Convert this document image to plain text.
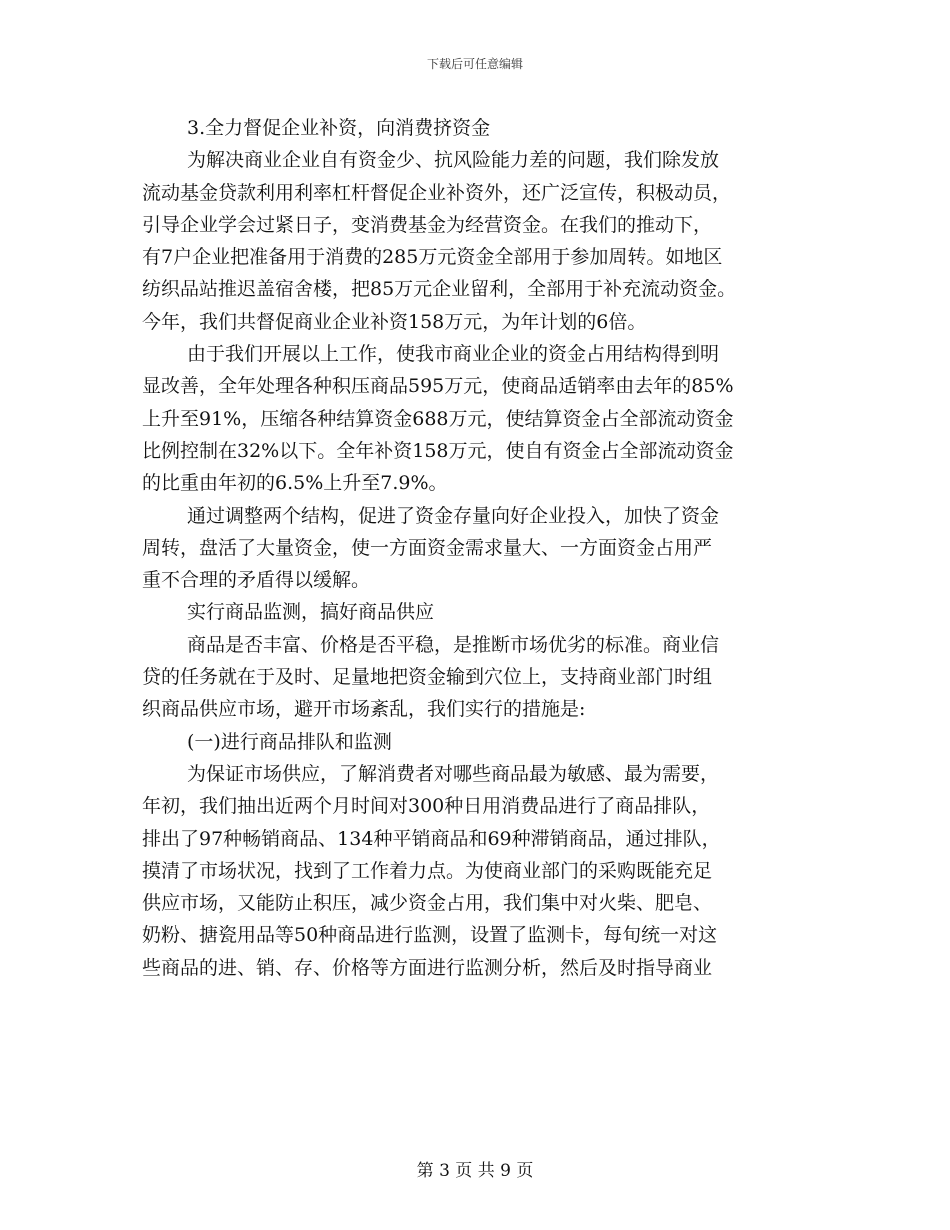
下载后可任意编辑
3.全力督促企业补资，向消费挤资金
为解决商业企业自有资金少、抗风险能力差的问题，我们除发放
流动基金贷款利用利率杠杆督促企业补资外，还广泛宣传，积极动员，
引导企业学会过紧日子，变消费基金为经营资金。在我们的推动下，
有7户企业把准备用于消费的285万元资金全部用于参加周转。如地区
纺织品站推迟盖宿舍楼，把85万元企业留利，全部用于补充流动资金。
今年，我们共督促商业企业补资158万元，为年计划的6倍。
由于我们开展以上工作，使我市商业企业的资金占用结构得到明
显改善，全年处理各种积压商品595万元，使商品适销率由去年的85%
上升至91%，压缩各种结算资金688万元，使结算资金占全部流动资金
比例控制在32%以下。全年补资158万元，使自有资金占全部流动资金
的比重由年初的6.5%上升至7.9%。
通过调整两个结构，促进了资金存量向好企业投入，加快了资金
周转，盘活了大量资金，使一方面资金需求量大、一方面资金占用严
重不合理的矛盾得以缓解。
实行商品监测，搞好商品供应
商品是否丰富、价格是否平稳，是推断市场优劣的标准。商业信
贷的任务就在于及时、足量地把资金输到穴位上，支持商业部门时组
织商品供应市场，避开市场紊乱，我们实行的措施是:
(一)进行商品排队和监测
为保证市场供应，了解消费者对哪些商品最为敏感、最为需要，
年初，我们抽出近两个月时间对300种日用消费品进行了商品排队，
排出了97种畅销商品、134种平销商品和69种滞销商品，通过排队，
摸清了市场状况，找到了工作着力点。为使商业部门的采购既能充足
供应市场，又能防止积压，减少资金占用，我们集中对火柴、肥皂、
奶粉、搪瓷用品等50种商品进行监测，设置了监测卡，每旬统一对这
些商品的进、销、存、价格等方面进行监测分析，然后及时指导商业
第 3 页 共 9 页
